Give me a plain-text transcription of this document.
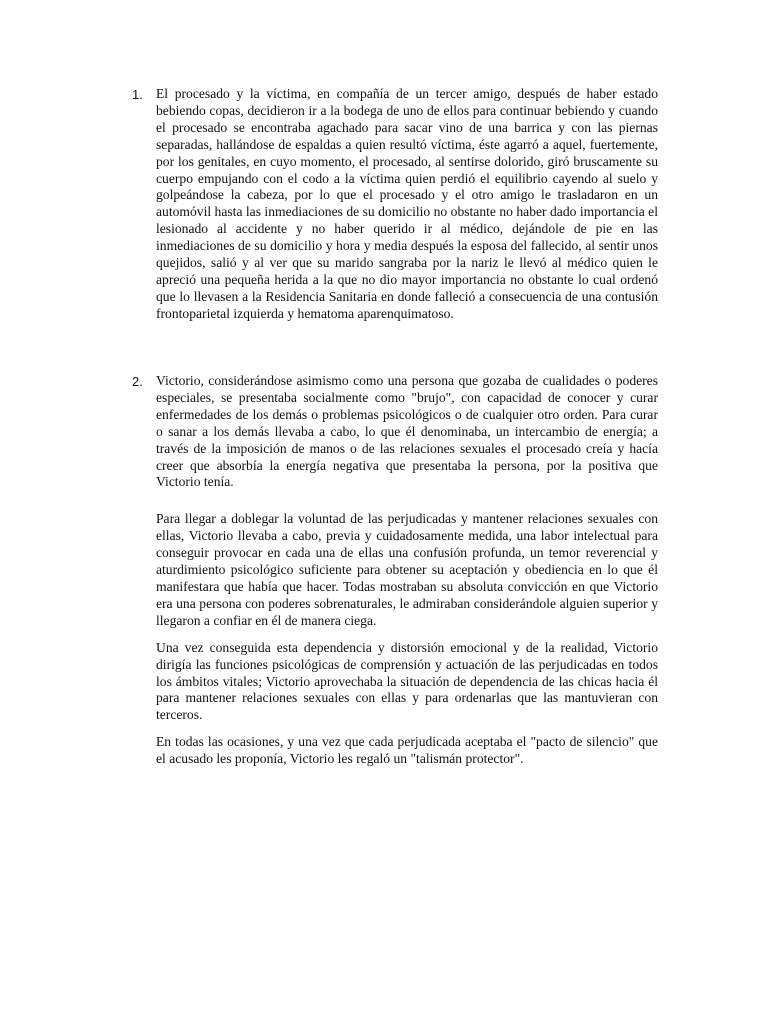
1. El procesado y la víctima, en compañía de un tercer amigo, después de haber estado bebiendo copas, decidieron ir a la bodega de uno de ellos para continuar bebiendo y cuando el procesado se encontraba agachado para sacar vino de una barrica y con las piernas separadas, hallándose de espaldas a quien resultó víctima, éste agarró a aquel, fuertemente, por los genitales, en cuyo momento, el procesado, al sentirse dolorido, giró bruscamente su cuerpo empujando con el codo a la víctima quien perdió el equilibrio cayendo al suelo y golpeándose la cabeza, por lo que el procesado y el otro amigo le trasladaron en un automóvil hasta las inmediaciones de su domicilio no obstante no haber dado importancia el lesionado al accidente y no haber querido ir al médico, dejándole de pie en las inmediaciones de su domicilio y hora y media después la esposa del fallecido, al sentir unos quejidos, salió y al ver que su marido sangraba por la nariz le llevó al médico quien le apreció una pequeña herida a la que no dio mayor importancia no obstante lo cual ordenó que lo llevasen a la Residencia Sanitaria en donde falleció a consecuencia de una contusión frontoparietal izquierda y hematoma aparenquimatoso.

2. Victorio, considerándose asimismo como una persona que gozaba de cualidades o poderes especiales, se presentaba socialmente como "brujo", con capacidad de conocer y curar enfermedades de los demás o problemas psicológicos o de cualquier otro orden. Para curar o sanar a los demás llevaba a cabo, lo que él denominaba, un intercambio de energía; a través de la imposición de manos o de las relaciones sexuales el procesado creía y hacía creer que absorbía la energía negativa que presentaba la persona, por la positiva que Victorio tenía.

Para llegar a doblegar la voluntad de las perjudicadas y mantener relaciones sexuales con ellas, Victorio llevaba a cabo, previa y cuidadosamente medida, una labor intelectual para conseguir provocar en cada una de ellas una confusión profunda, un temor reverencial y aturdimiento psicológico suficiente para obtener su aceptación y obediencia en lo que él manifestara que había que hacer. Todas mostraban su absoluta convicción en que Victorio era una persona con poderes sobrenaturales, le admiraban considerándole alguien superior y llegaron a confiar en él de manera ciega.

Una vez conseguida esta dependencia y distorsión emocional y de la realidad, Victorio dirigía las funciones psicológicas de comprensión y actuación de las perjudicadas en todos los ámbitos vitales; Victorio aprovechaba la situación de dependencia de las chicas hacia él para mantener relaciones sexuales con ellas y para ordenarlas que las mantuvieran con terceros.

En todas las ocasiones, y una vez que cada perjudicada aceptaba el "pacto de silencio" que el acusado les proponía, Victorio les regaló un "talismán protector".
